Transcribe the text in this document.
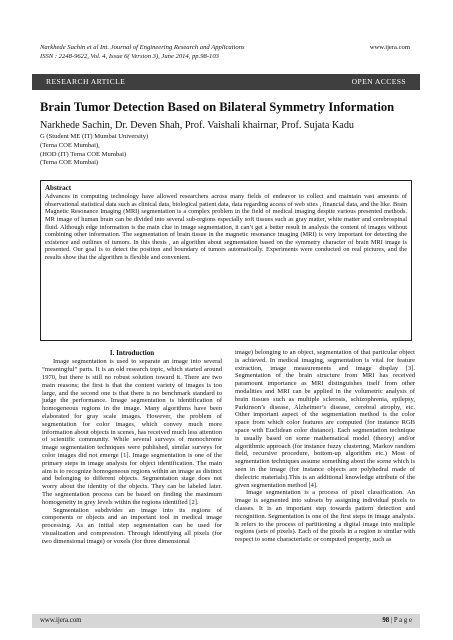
Narkhede Sachin et al Int. Journal of Engineering Research and Applications
ISSN : 2248-9622, Vol. 4, Issue 6( Version 3), June 2014, pp.98-103
www.ijera.com
RESEARCH ARTICLE	OPEN ACCESS
Brain Tumor Detection Based on Bilateral Symmetry Information
Narkhede Sachin, Dr. Deven Shah, Prof. Vaishali khairnar, Prof. Sujata Kadu
G (Student ME (IT) Mumbai University)
(Terna COE Mumbai),
(HOD (IT) Terna COE Mumbai)
(Terna COE Mumbai)
Abstract

Advances in computing technology have allowed researchers across many fields of endeavor to collect and maintain vast amounts of observational statistical data such as clinical data, biological patient data, data regarding access of web sites , financial data, and the like. Brain Magnetic Resonance Imaging (MRI) segmentation is a complex problem in the field of medical imaging despite various presented methods. MR image of human brain can be divided into several sub-regions especially soft tissues such as gray matter, white matter and cerebrospinal fluid. Although edge information is the main clue in image segmentation, it can’t get a better result in analysis the content of images without combining other information. The segmentation of brain tissue in the magnetic resonance imaging (MRI) is very important for detecting the existence and outlines of tumors. In this thesis , an algorithm about segmentation based on the symmetry character of brain MRI image is presented. Our goal is to detect the position and boundary of tumors automatically. Experiments were conducted on real pictures, and the results show that the algorithm is flexible and convenient.

I. Introduction

Image segmentation is used to separate an image into several “meaningful” parts. It is an old research topic, which started around 1970, but there is still no robust solution toward it. There are two main reasons; the first is that the content variety of images is too large, and the second one is that there is no benchmark standard to judge the performance. Image segmentation is identification of homogeneous regions in the image. Many algorithms have been elaborated for gray scale images. However, the problem of segmentation for color images, which convey much more information about objects in scenes, has received much less attention of scientific community. While several surveys of monochrome image segmentation techniques were published, similar surveys for color images did not emerge [1]. Image segmentation is one of the primary steps in image analysis for object identification. The main aim is to recognize homogeneous regions within an image as distinct and belonging to different objects. Segmentation stage does not worry about the identity of the objects. They can be labeled later. The segmentation process can be based on finding the maximum homogeneity in grey levels within the regions identified [2].

Segmentation subdivides an image into its regions of components or objects and an important tool in medical image processing. As an initial step segmentation can be used for visualization and compression. Through identifying all pixels (for two dimensional image) or voxels (for three dimensional

image) belonging to an object, segmentation of that particular object is achieved. In medical imaging, segmentation is vital for feature extraction, image measurements and image display [3]. Segmentation of the brain structure from MRI has received paramount importance as MRI distinguishes itself from other modalities and MRI can be applied in the volumetric analysis of brain tissues such as multiple sclerosis, schizophrenia, epilepsy, Parkinson’s disease, Alzheimer’s disease, cerebral atrophy, etc. Other important aspect of the segmentation method is the color space from which color features are computed (for instance RGB space with Euclidean color distance). Each segmentation technique is usually based on some mathematical model (theory) and/or algorithmic approach (for instance fuzzy clustering, Markov random field, recursive procedure, bottom-up algorithm etc.) Most of segmentation techniques assume something about the scene which is seen in the image (for instance objects are polyhedral made of dielectric materials).This is an additional knowledge attribute of the given segmentation method [4].

Image segmentation is a process of pixel classification. An image is segmented into subsets by assigning individual pixels to classes. It is an important step towards pattern detection and recognition. Segmentation is one of the first steps in image analysis. It refers to the process of partitioning a digital image into multiple regions (sets of pixels). Each of the pixels in a region is similar with respect to some characteristic or computed property, such as

www.ijera.com	98 | P a g e
